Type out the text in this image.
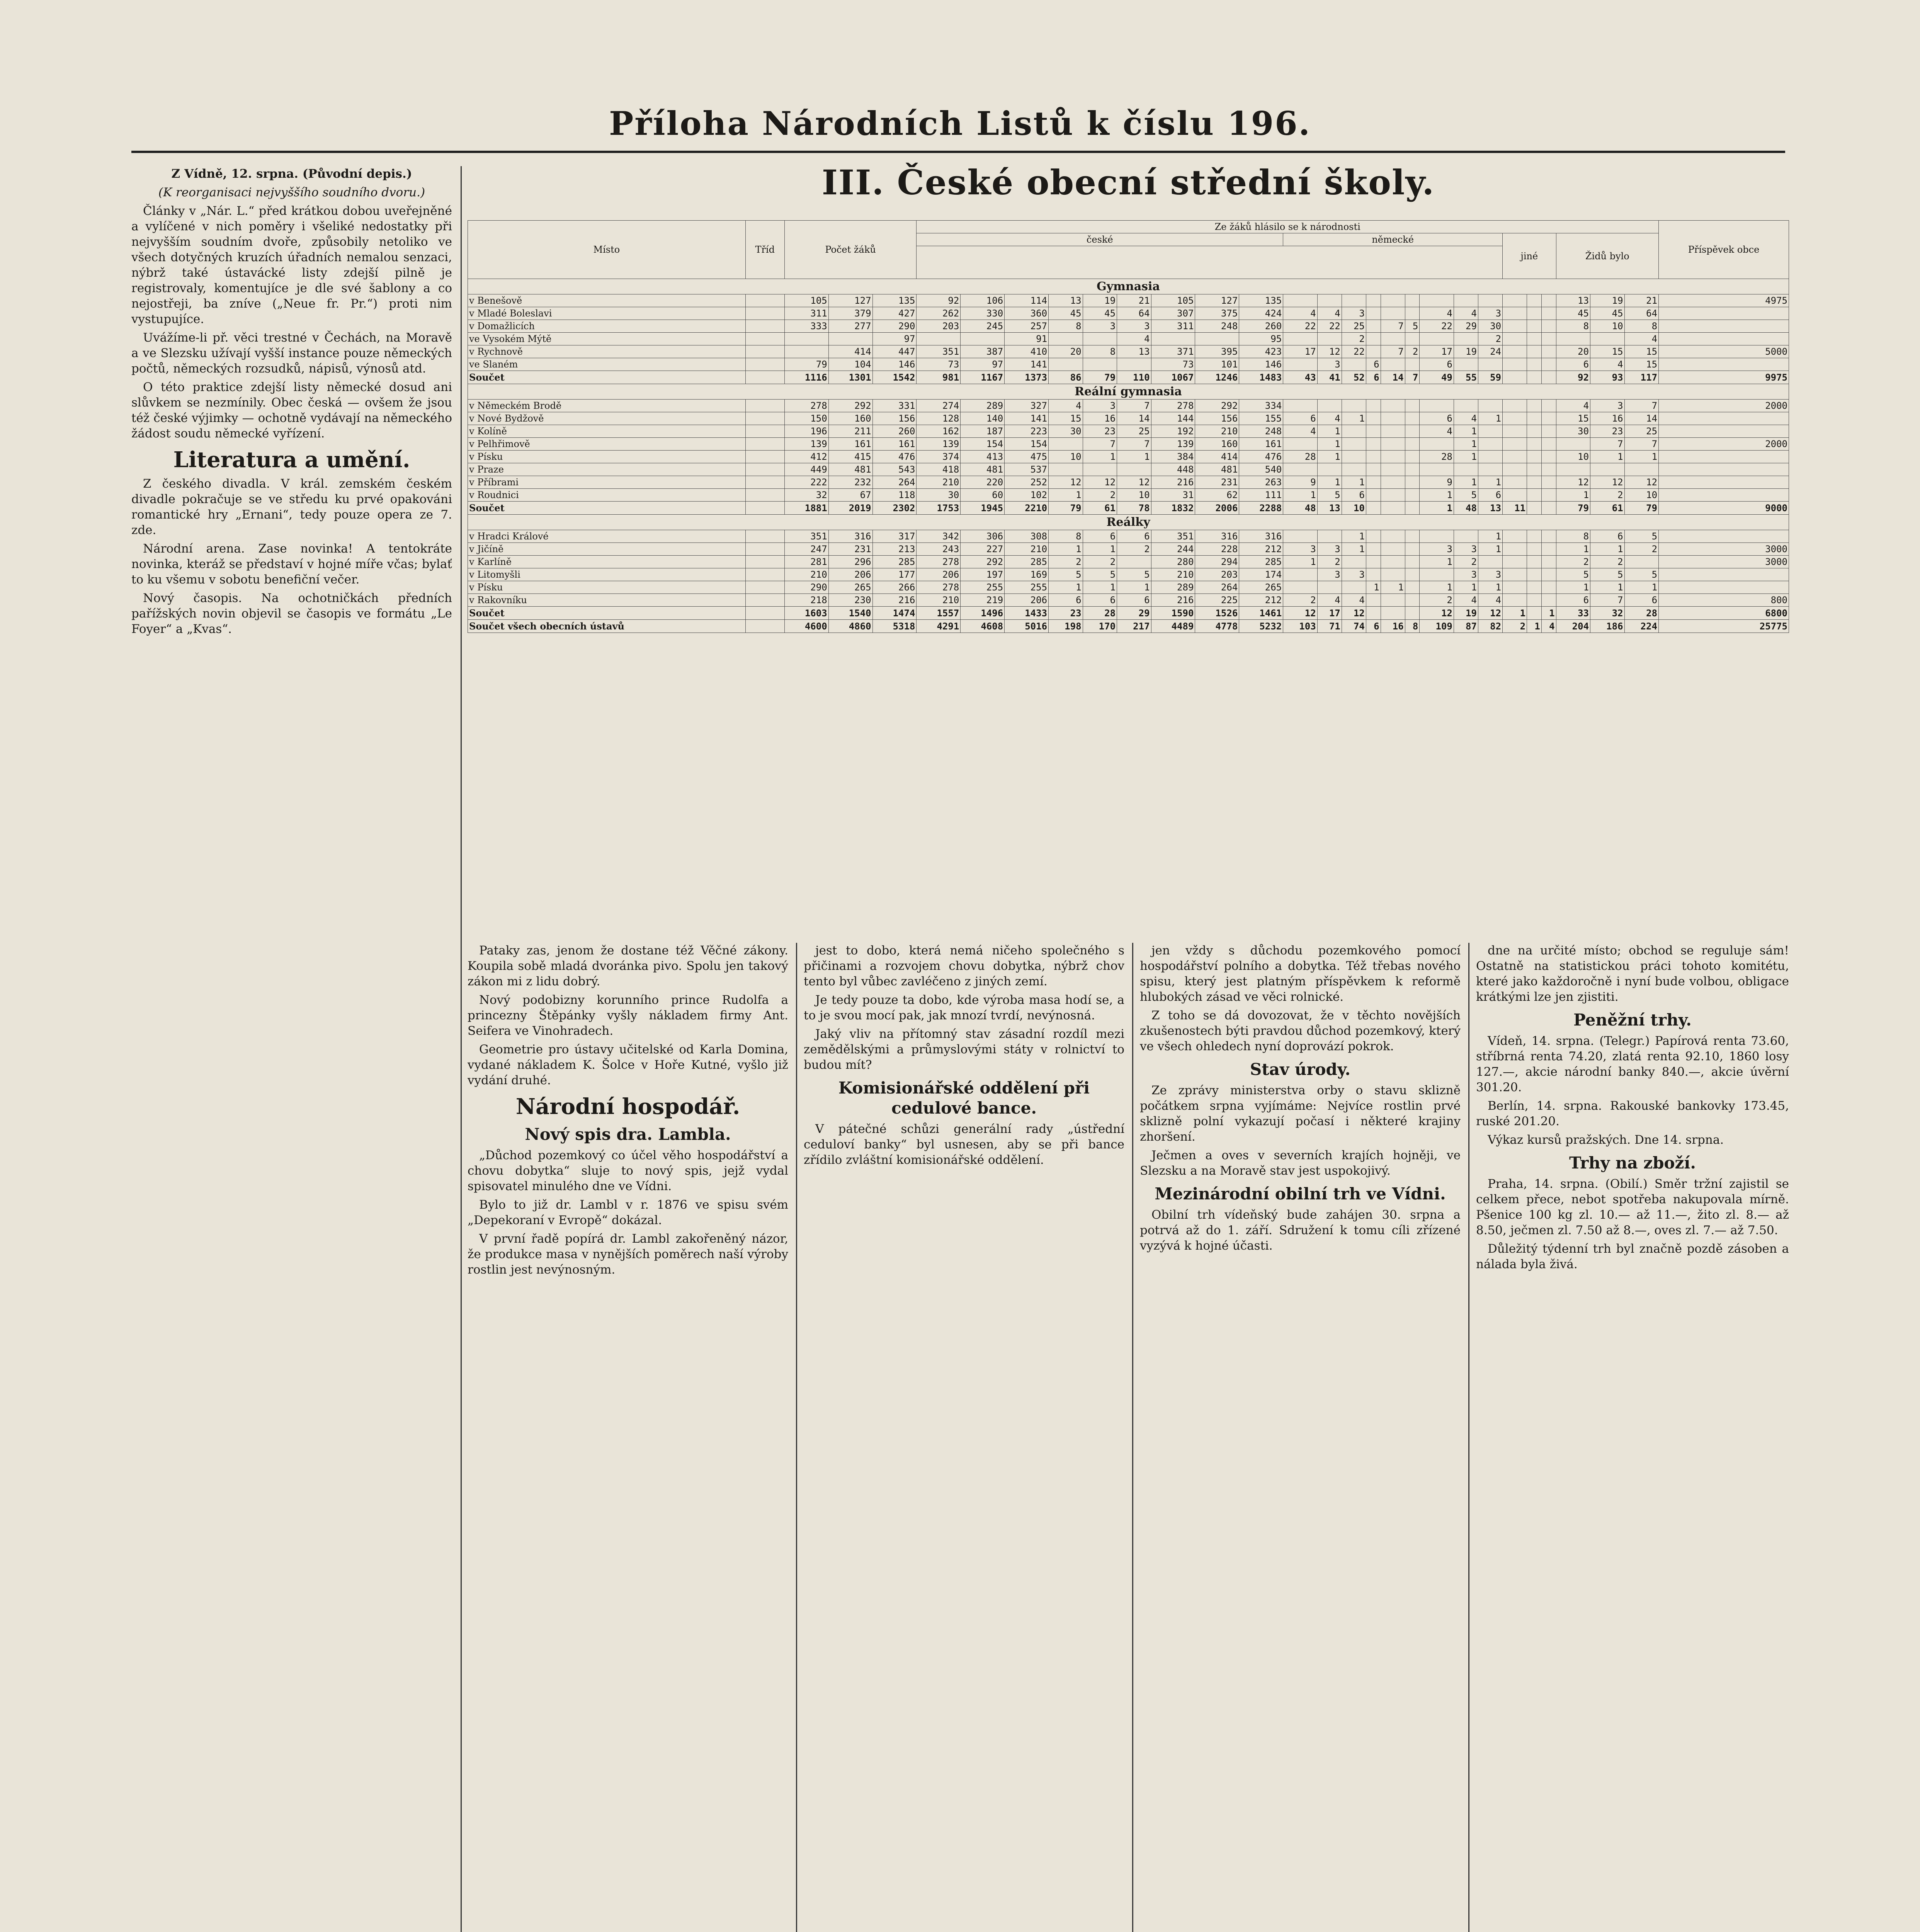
Příloha Národních Listů k číslu 196.

Z Vídně, 12. srpna. (Původní depis.)

(K reorganisaci nejvyššího soudního dvoru.)

Články v „Nár. L.“ před krátkou dobou uveřejněné a vylíčené v nich poměry i všeliké nedostatky při nejvyšším soudním dvoře, způsobily netoliko ve všech dotyčných kruzích úřadních nemalou senzaci, nýbrž také ústavácké listy zdejší pilně je registrovaly, komentujíce je dle své šablony a co nejostřeji, ba zníve („Neue fr. Pr.“) proti nim vystupujíce.

Uvážíme-li př. věci trestné v Čechách, na Moravě a ve Slezsku užívají vyšší instance pouze německých počtů, německých rozsudků, nápisů, výnosů atd.

O této praktice zdejší listy německé dosud ani slůvkem se nezmínily. Obec česká — ovšem že jsou též české výjimky — ochotně vydávají na německého žádost soudu německé vyřízení.

Literatura a umění.

Z českého divadla. V král. zemském českém divadle pokračuje se ve středu ku prvé opakováni romantické hry „Ernani“, tedy pouze opera ze 7. zde.

Národní arena. Zase novinka! A tentokráte novinka, kteráž se představí v hojné míře včas; bylať to ku všemu v sobotu benefiční večer.

Nový časopis. Na ochotničkách předních pařížských novin objevil se časopis ve formátu „Le Foyer“ a „Kvas“.

III. České obecní střední školy.
Místo	Tříd	Počet žáků			Ze žáků hlásilo se k národnosti																								Příspěvek obce
					české									německé									jiné			Židů bylo			

Gymnasia																													
v Benešově		105	127	135	92	106	114	13	19	21	105	127	135													13	19	21	4975
v Mladé Boleslavi		311	379	427	262	330	360	45	45	64	307	375	424	4	4	3				4	4	3				45	45	64	
v Domažlicích		333	277	290	203	245	257	8	3	3	311	248	260	22	22	25		7	5	22	29	30				8	10	8	
ve Vysokém Mýtě				97			91			4			95			2						2						4	
v Rychnově			414	447	351	387	410	20	8	13	371	395	423	17	12	22		7	2	17	19	24				20	15	15	5000
ve Slaném		79	104	146	73	97	141				73	101	146		3		6			6						6	4	15	
Součet		1116	1301	1542	981	1167	1373	86	79	110	1067	1246	1483	43	41	52	6	14	7	49	55	59				92	93	117	9975
Reální gymnasia																													
v Německém Brodě		278	292	331	274	289	327	4	3	7	278	292	334													4	3	7	2000
v Nové Bydžově		150	160	156	128	140	141	15	16	14	144	156	155	6	4	1				6	4	1				15	16	14	
v Kolíně		196	211	260	162	187	223	30	23	25	192	210	248	4	1					4	1					30	23	25	
v Pelhřimově		139	161	161	139	154	154		7	7	139	160	161		1						1						7	7	2000
v Písku		412	415	476	374	413	475	10	1	1	384	414	476	28	1					28	1					10	1	1	
v Praze		449	481	543	418	481	537				448	481	540																
v Příbrami		222	232	264	210	220	252	12	12	12	216	231	263	9	1	1				9	1	1				12	12	12	
v Roudnici		32	67	118	30	60	102	1	2	10	31	62	111	1	5	6				1	5	6				1	2	10	
Součet		1881	2019	2302	1753	1945	2210	79	61	78	1832	2006	2288	48	13	10				1	48	13	11			79	61	79	9000
Reálky																													
v Hradci Králové		351	316	317	342	306	308	8	6	6	351	316	316			1						1				8	6	5	
v Jičíně		247	231	213	243	227	210	1	1	2	244	228	212	3	3	1				3	3	1				1	1	2	3000
v Karlíně		281	296	285	278	292	285	2	2		280	294	285	1	2					1	2					2	2		3000
v Litomyšli		210	206	177	206	197	169	5	5	5	210	203	174		3	3					3	3				5	5	5	
v Písku		290	265	266	278	255	255	1	1	1	289	264	265				1	1		1	1	1				1	1	1	
v Rakovníku		218	230	216	210	219	206	6	6	6	216	225	212	2	4	4				2	4	4				6	7	6	800
Součet		1603	1540	1474	1557	1496	1433	23	28	29	1590	1526	1461	12	17	12				12	19	12	1		1	33	32	28	6800
Součet všech obecních ústavů		4600	4860	5318	4291	4608	5016	198	170	217	4489	4778	5232	103	71	74	6	16	8	109	87	82	2	1	4	204	186	224	25775

Pataky zas, jenom že dostane též Věčné zákony. Koupila sobě mladá dvoránka pivo. Spolu jen takový zákon mi z lidu dobrý.

Nový podobizny korunního prince Rudolfa a princezny Štěpánky vyšly nákladem firmy Ant. Seifera ve Vinohradech.

Geometrie pro ústavy učitelské od Karla Domina, vydané nákladem K. Šolce v Hoře Kutné, vyšlo již vydání druhé.

Národní hospodář.
Nový spis dra. Lambla.

„Důchod pozemkový co účel věho hospodářství a chovu dobytka“ sluje to nový spis, jejž vydal spisovatel minulého dne ve Vídni.

Bylo to již dr. Lambl v r. 1876 ve spisu svém „Depekoraní v Evropě“ dokázal.

V první řadě popírá dr. Lambl zakořeněný názor, že produkce masa v nynějších poměrech naší výroby rostlin jest nevýnosným.

jest to dobo, která nemá ničeho společného s přičinami a rozvojem chovu dobytka, nýbrž chov tento byl vůbec zavléčeno z jiných zemí.

Je tedy pouze ta dobo, kde výroba masa hodí se, a to je svou mocí pak, jak mnozí tvrdí, nevýnosná.

Jaký vliv na přítomný stav zásadní rozdíl mezi zemědělskými a průmyslovými státy v rolnictví to budou mít?

Komisionářské oddělení při cedulové bance.

V pátečné schůzi generální rady „ústřední ceduloví banky“ byl usnesen, aby se při bance zřídilo zvláštní komisionářské oddělení.

jen vždy s důchodu pozemkového pomocí hospodářství polního a dobytka. Též třebas nového spisu, který jest platným příspěvkem k reformě hlubokých zásad ve věci rolnické.

Z toho se dá dovozovat, že v těchto novějších zkušenostech býti pravdou důchod pozemkový, který ve všech ohledech nyní doprovází pokrok.

Stav úrody.

Ze zprávy ministerstva orby o stavu sklizně počátkem srpna vyjímáme: Nejvíce rostlin prvé sklizně polní vykazují počasí i některé krajiny zhoršení.

Ječmen a oves v severních krajích hojněji, ve Slezsku a na Moravě stav jest uspokojivý.

Mezinárodní obilní trh ve Vídni.

Obilní trh vídeňský bude zahájen 30. srpna a potrvá až do 1. září. Sdružení k tomu cíli zřízené vyzývá k hojné účasti.

dne na určité místo; obchod se reguluje sám! Ostatně na statistickou práci tohoto komitétu, které jako každoročně i nyní bude volbou, obligace krátkými lze jen zjistiti.

Peněžní trhy.

Vídeň, 14. srpna. (Telegr.) Papírová renta 73.60, stříbrná renta 74.20, zlatá renta 92.10, 1860 losy 127.—, akcie národní banky 840.—, akcie úvěrní 301.20.

Berlín, 14. srpna. Rakouské bankovky 173.45, ruské 201.20.

Výkaz kursů pražských. Dne 14. srpna.

Trhy na zboží.

Praha, 14. srpna. (Obilí.) Směr tržní zajistil se celkem přece, nebot spotřeba nakupovala mírně. Pšenice 100 kg zl. 10.— až 11.—, žito zl. 8.— až 8.50, ječmen zl. 7.50 až 8.—, oves zl. 7.— až 7.50.

Důležitý týdenní trh byl značně pozdě zásoben a nálada byla živá.
